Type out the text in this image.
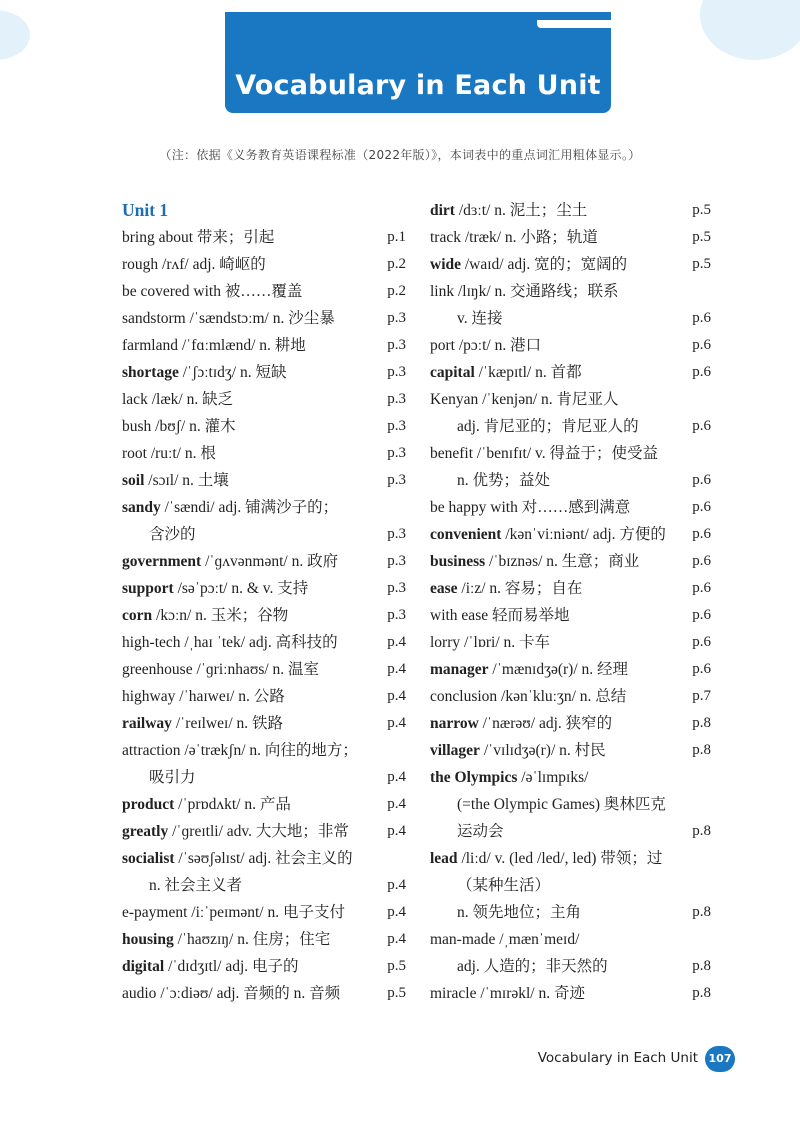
Vocabulary in Each Unit
（注：依据《义务教育英语课程标准（2022年版）》，本词表中的重点词汇用粗体显示。）
Unit 1
bring about 带来；引起	p.1
rough /rʌf/ adj. 崎岖的	p.2
be covered with 被……覆盖	p.2
sandstorm /ˈsændstɔːm/ n. 沙尘暴	p.3
farmland /ˈfɑːmlænd/ n. 耕地	p.3
shortage /ˈʃɔːtɪdʒ/ n. 短缺	p.3
lack /læk/ n. 缺乏	p.3
bush /bʊʃ/ n. 灌木	p.3
root /ruːt/ n. 根	p.3
soil /sɔɪl/ n. 土壤	p.3
sandy /ˈsændi/ adj. 铺满沙子的；
含沙的	p.3
government /ˈɡʌvənmənt/ n. 政府	p.3
support /səˈpɔːt/ n. & v. 支持	p.3
corn /kɔːn/ n. 玉米；谷物	p.3
high-tech /ˌhaɪ ˈtek/ adj. 高科技的	p.4
greenhouse /ˈɡriːnhaʊs/ n. 温室	p.4
highway /ˈhaɪweɪ/ n. 公路	p.4
railway /ˈreɪlweɪ/ n. 铁路	p.4
attraction /əˈtrækʃn/ n. 向往的地方；
吸引力	p.4
product /ˈprɒdʌkt/ n. 产品	p.4
greatly /ˈɡreɪtli/ adv. 大大地；非常	p.4
socialist /ˈsəʊʃəlɪst/ adj. 社会主义的
n. 社会主义者	p.4
e-payment /iːˈpeɪmənt/ n. 电子支付	p.4
housing /ˈhaʊzɪŋ/ n. 住房；住宅	p.4
digital /ˈdɪdʒɪtl/ adj. 电子的	p.5
audio /ˈɔːdiəʊ/ adj. 音频的 n. 音频	p.5
dirt /dɜːt/ n. 泥土；尘土	p.5
track /træk/ n. 小路；轨道	p.5
wide /waɪd/ adj. 宽的；宽阔的	p.5
link /lɪŋk/ n. 交通路线；联系
v. 连接	p.6
port /pɔːt/ n. 港口	p.6
capital /ˈkæpɪtl/ n. 首都	p.6
Kenyan /ˈkenjən/ n. 肯尼亚人
adj. 肯尼亚的；肯尼亚人的	p.6
benefit /ˈbenɪfɪt/ v. 得益于；使受益
n. 优势；益处	p.6
be happy with 对……感到满意	p.6
convenient /kənˈviːniənt/ adj. 方便的 p.6
business /ˈbɪznəs/ n. 生意；商业	p.6
ease /iːz/ n. 容易；自在	p.6
with ease 轻而易举地	p.6
lorry /ˈlɒri/ n. 卡车	p.6
manager /ˈmænɪdʒə(r)/ n. 经理	p.6
conclusion /kənˈkluːʒn/ n. 总结	p.7
narrow /ˈnærəʊ/ adj. 狭窄的	p.8
villager /ˈvɪlɪdʒə(r)/ n. 村民	p.8
the Olympics /əˈlɪmpɪks/
(=the Olympic Games) 奥林匹克
运动会	p.8
lead /liːd/ v. (led /led/, led) 带领；过
（某种生活）
n. 领先地位；主角	p.8
man-made /ˌmænˈmeɪd/
adj. 人造的；非天然的	p.8
miracle /ˈmɪrəkl/ n. 奇迹	p.8
Vocabulary in Each Unit 107
